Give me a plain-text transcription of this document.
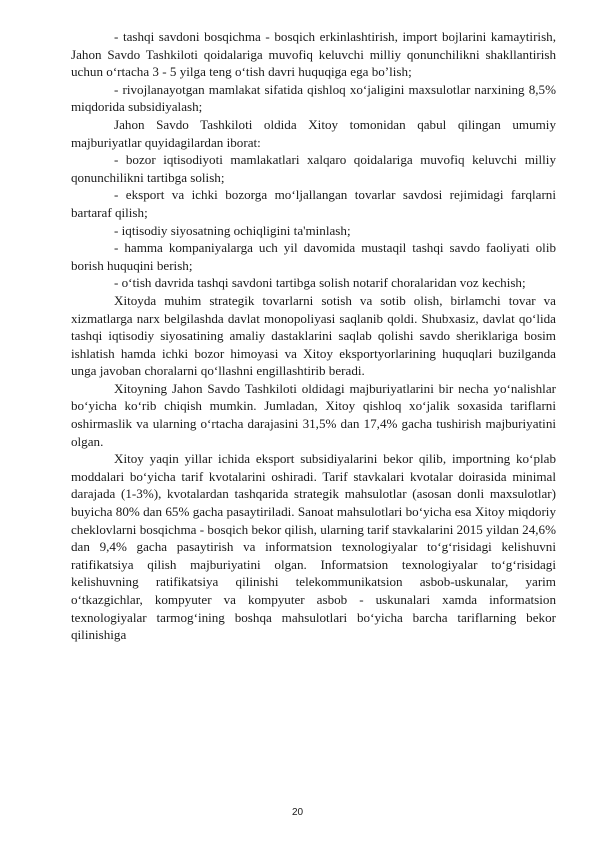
- tashqi savdoni bosqichma - bosqich erkinlashtirish, import bojlarini kamaytirish, Jahon Savdo Tashkiloti qoidalariga muvofiq keluvchi milliy qonunchilikni shakllantirish uchun o‘rtacha 3 - 5 yilga teng o‘tish davri huquqiga ega bo’lish;

- rivojlanayotgan mamlakat sifatida qishloq xo‘jaligini maxsulotlar narxining 8,5% miqdorida subsidiyalash;

Jahon Savdo Tashkiloti oldida Xitoy tomonidan qabul qilingan umumiy majburiyatlar quyidagilardan iborat:

- bozor iqtisodiyoti mamlakatlari xalqaro qoidalariga muvofiq keluvchi milliy qonunchilikni tartibga solish;

- eksport va ichki bozorga mo‘ljallangan tovarlar savdosi rejimidagi farqlarni bartaraf qilish;

- iqtisodiy siyosatning ochiqligini ta'minlash;

- hamma kompaniyalarga uch yil davomida mustaqil tashqi savdo faoliyati olib borish huquqini berish;

- o‘tish davrida tashqi savdoni tartibga solish notarif choralaridan voz kechish;

Xitoyda muhim strategik tovarlarni sotish va sotib olish, birlamchi tovar va xizmatlarga narx belgilashda davlat monopoliyasi saqlanib qoldi. Shubxasiz, davlat qo‘lida tashqi iqtisodiy siyosatining amaliy dastaklarini saqlab qolishi savdo sheriklariga bosim ishlatish hamda ichki bozor himoyasi va Xitoy eksportyorlarining huquqlari buzilganda unga javoban choralarni qo‘llashni engillashtirib beradi.

Xitoyning Jahon Savdo Tashkiloti oldidagi majburiyatlarini bir necha yo‘nalishlar bo‘yicha ko‘rib chiqish mumkin. Jumladan, Xitoy qishloq xo‘jalik soxasida tariflarni oshirmaslik va ularning o‘rtacha darajasini 31,5% dan 17,4% gacha tushirish majburiyatini olgan.

Xitoy yaqin yillar ichida eksport subsidiyalarini bekor qilib, importning ko‘plab moddalari bo‘yicha tarif kvotalarini oshiradi. Tarif stavkalari kvotalar doirasida minimal darajada (1-3%), kvotalardan tashqarida strategik mahsulotlar (asosan donli maxsulotlar) buyicha 80% dan 65% gacha pasaytiriladi. Sanoat mahsulotlari bo‘yicha esa Xitoy miqdoriy cheklovlarni bosqichma - bosqich bekor qilish, ularning tarif stavkalarini 2015 yildan 24,6% dan 9,4% gacha pasaytirish va informatsion texnologiyalar to‘g‘risidagi kelishuvni ratifikatsiya qilish majburiyatini olgan. Informatsion texnologiyalar to‘g‘risidagi kelishuvning ratifikatsiya qilinishi telekommunikatsion asbob-uskunalar, yarim o‘tkazgichlar, kompyuter va kompyuter asbob - uskunalari xamda informatsion texnologiyalar tarmog‘ining boshqa mahsulotlari bo‘yicha barcha tariflarning bekor qilinishiga

20
